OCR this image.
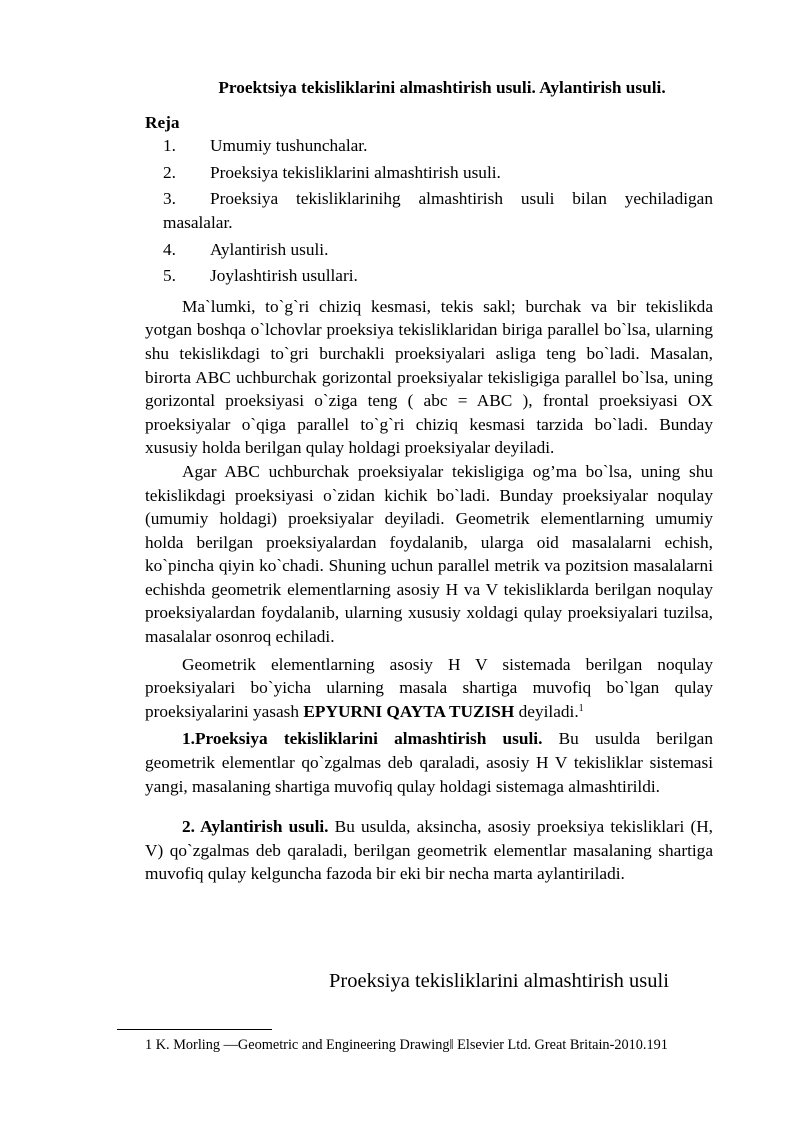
Proektsiya tekisliklarini almashtirish usuli. Aylantirish usuli.
Reja
1. Umumiy tushunchalar.
2. Proeksiya tekisliklarini almashtirish usuli.
3. Proeksiya tekisliklarinihg almashtirish usuli bilan yechiladigan masalalar.
4. Aylantirish usuli.
5. Joylashtirish usullari.

Ma`lumki, to`g`ri chiziq kesmasi, tekis sakl; burchak va bir tekislikda yotgan boshqa o`lchovlar proeksiya tekisliklaridan biriga parallel bo`lsa, ularning shu tekislikdagi to`gri burchakli proeksiyalari asliga teng bo`ladi. Masalan, birorta ABC uchburchak gorizontal proeksiyalar tekisligiga parallel bo`lsa, uning gorizontal proeksiyasi o`ziga teng ( abc = ABC ), frontal proeksiyasi OX proeksiyalar o`qiga parallel to`g`ri chiziq kesmasi tarzida bo`ladi. Bunday xususiy holda berilgan qulay holdagi proeksiyalar deyiladi.

Agar ABC uchburchak proeksiyalar tekisligiga og’ma bo`lsa, uning shu tekislikdagi proeksiyasi o`zidan kichik bo`ladi. Bunday proeksiyalar noqulay (umumiy holdagi) proeksiyalar deyiladi. Geometrik elementlarning umumiy holda berilgan proeksiyalardan foydalanib, ularga oid masalalarni echish, ko`pincha qiyin ko`chadi. Shuning uchun parallel metrik va pozitsion masalalarni echishda geometrik elementlarning asosiy H va V tekisliklarda berilgan noqulay proeksiyalardan foydalanib, ularning xususiy xoldagi qulay proeksiyalari tuzilsa, masalalar osonroq echiladi.

Geometrik elementlarning asosiy H V sistemada berilgan noqulay proeksiyalari bo`yicha ularning masala shartiga muvofiq bo`lgan qulay proeksiyalarini yasash EPYURNI QAYTA TUZISH deyiladi.$^1$

1.Proeksiya tekisliklarini almashtirish usuli. Bu usulda berilgan geometrik elementlar qo`zgalmas deb qaraladi, asosiy H V tekisliklar sistemasi yangi, masalaning shartiga muvofiq qulay holdagi sistemaga almashtirildi.

2. Aylantirish usuli. Bu usulda, aksincha, asosiy proeksiya tekisliklari (H, V) qo`zgalmas deb qaraladi, berilgan geometrik elementlar masalaning shartiga muvofiq qulay kelguncha fazoda bir eki bir necha marta aylantiriladi.

Proeksiya tekisliklarini almashtirish usuli
1 K. Morling ―Geometric and Engineering Drawing‖ Elsevier Ltd. Great Britain-2010.191
